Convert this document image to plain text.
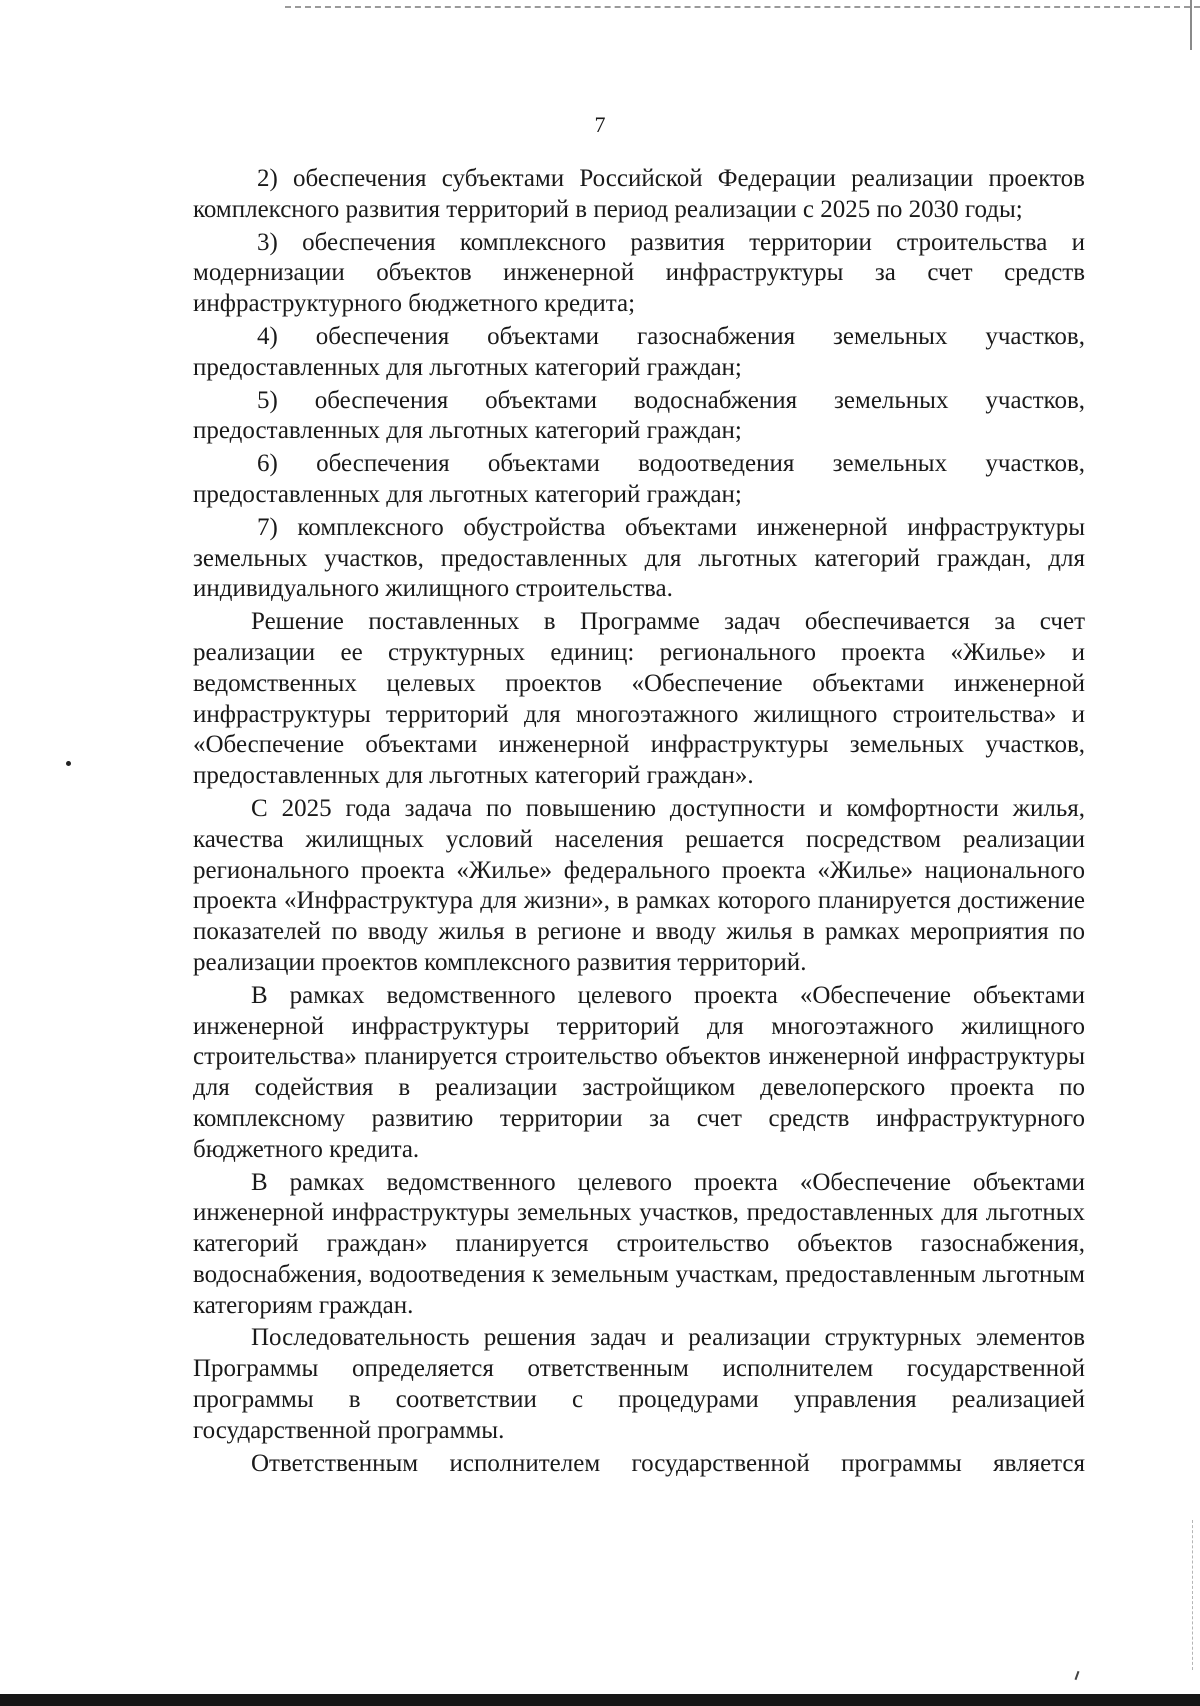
7

2) обеспечения субъектами Российской Федерации реализации проектов комплексного развития территорий в период реализации с 2025 по 2030 годы;

3) обеспечения комплексного развития территории строительства и модернизации объектов инженерной инфраструктуры за счет средств инфраструктурного бюджетного кредита;

4) обеспечения объектами газоснабжения земельных участков, предоставленных для льготных категорий граждан;

5) обеспечения объектами водоснабжения земельных участков, предоставленных для льготных категорий граждан;

6) обеспечения объектами водоотведения земельных участков, предоставленных для льготных категорий граждан;

7) комплексного обустройства объектами инженерной инфраструктуры земельных участков, предоставленных для льготных категорий граждан, для индивидуального жилищного строительства.

Решение поставленных в Программе задач обеспечивается за счет реализации ее структурных единиц: регионального проекта «Жилье» и ведомственных целевых проектов «Обеспечение объектами инженерной инфраструктуры территорий для многоэтажного жилищного строительства» и «Обеспечение объектами инженерной инфраструктуры земельных участков, предоставленных для льготных категорий граждан».

С 2025 года задача по повышению доступности и комфортности жилья, качества жилищных условий населения решается посредством реализации регионального проекта «Жилье» федерального проекта «Жилье» национального проекта «Инфраструктура для жизни», в рамках которого планируется достижение показателей по вводу жилья в регионе и вводу жилья в рамках мероприятия по реализации проектов комплексного развития территорий.

В рамках ведомственного целевого проекта «Обеспечение объектами инженерной инфраструктуры территорий для многоэтажного жилищного строительства» планируется строительство объектов инженерной инфраструктуры для содействия в реализации застройщиком девелоперского проекта по комплексному развитию территории за счет средств инфраструктурного бюджетного кредита.

В рамках ведомственного целевого проекта «Обеспечение объектами инженерной инфраструктуры земельных участков, предоставленных для льготных категорий граждан» планируется строительство объектов газоснабжения, водоснабжения, водоотведения к земельным участкам, предоставленным льготным категориям граждан.

Последовательность решения задач и реализации структурных элементов Программы определяется ответственным исполнителем государственной программы в соответствии с процедурами управления реализацией государственной программы.

Ответственным исполнителем государственной программы является
